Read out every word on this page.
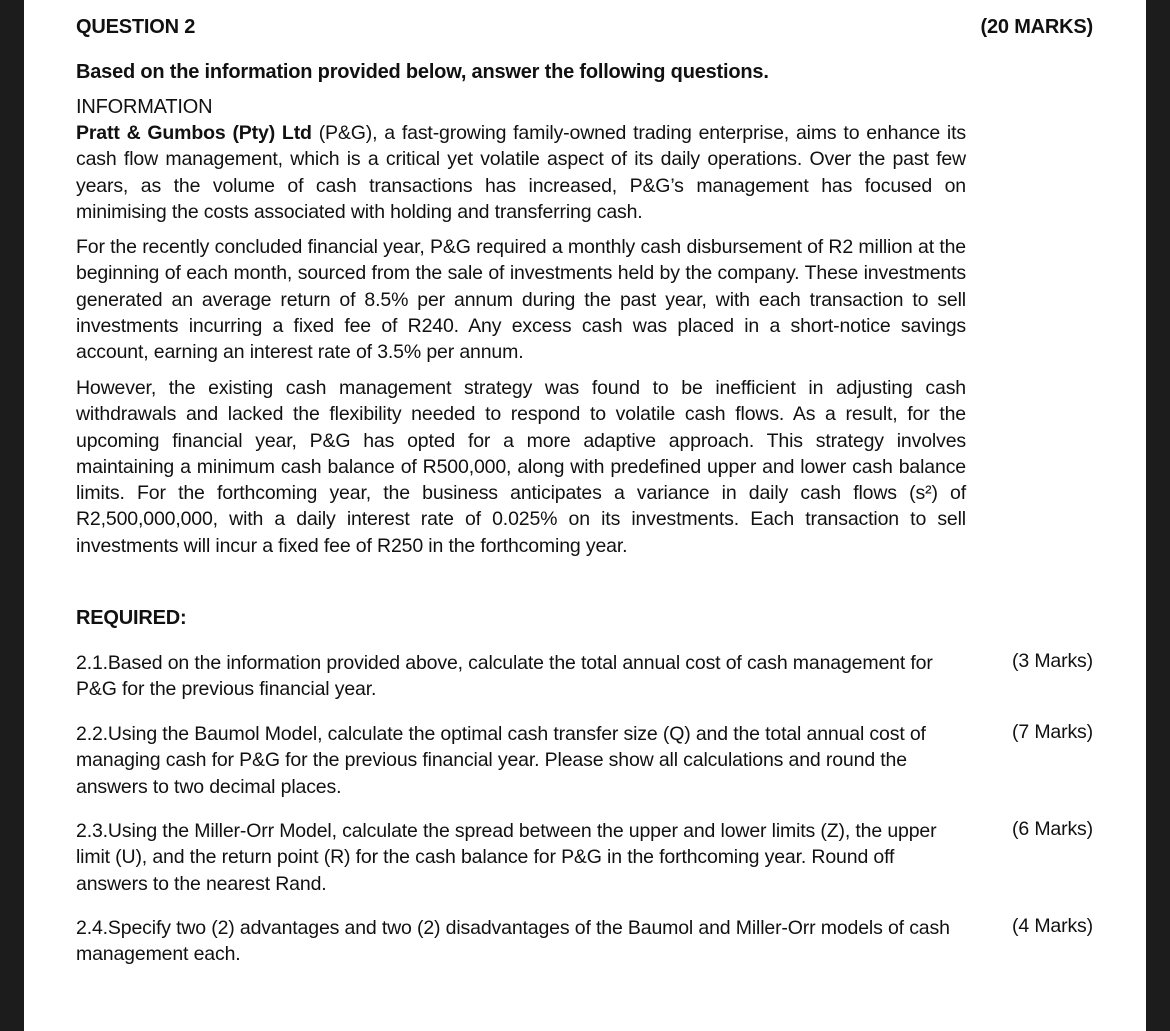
QUESTION 2	(20 MARKS)
Based on the information provided below, answer the following questions.
INFORMATION

Pratt & Gumbos (Pty) Ltd (P&G), a fast-growing family-owned trading enterprise, aims to enhance its cash flow management, which is a critical yet volatile aspect of its daily operations. Over the past few years, as the volume of cash transactions has increased, P&G’s management has focused on minimising the costs associated with holding and transferring cash.

For the recently concluded financial year, P&G required a monthly cash disbursement of R2 million at the beginning of each month, sourced from the sale of investments held by the company. These investments generated an average return of 8.5% per annum during the past year, with each transaction to sell investments incurring a fixed fee of R240. Any excess cash was placed in a short-notice savings account, earning an interest rate of 3.5% per annum.

However, the existing cash management strategy was found to be inefficient in adjusting cash withdrawals and lacked the flexibility needed to respond to volatile cash flows. As a result, for the upcoming financial year, P&G has opted for a more adaptive approach. This strategy involves maintaining a minimum cash balance of R500,000, along with predefined upper and lower cash balance limits. For the forthcoming year, the business anticipates a variance in daily cash flows (s²) of R2,500,000,000, with a daily interest rate of 0.025% on its investments. Each transaction to sell investments will incur a fixed fee of R250 in the forthcoming year.

REQUIRED:

2.1.Based on the information provided above, calculate the total annual cost of cash management for P&G for the previous financial year.

(3 Marks)

2.2.Using the Baumol Model, calculate the optimal cash transfer size (Q) and the total annual cost of managing cash for P&G for the previous financial year. Please show all calculations and round the answers to two decimal places.

(7 Marks)

2.3.Using the Miller-Orr Model, calculate the spread between the upper and lower limits (Z), the upper limit (U), and the return point (R) for the cash balance for P&G in the forthcoming year. Round off answers to the nearest Rand.

(6 Marks)

2.4.Specify two (2) advantages and two (2) disadvantages of the Baumol and Miller-Orr models of cash management each.

(4 Marks)
